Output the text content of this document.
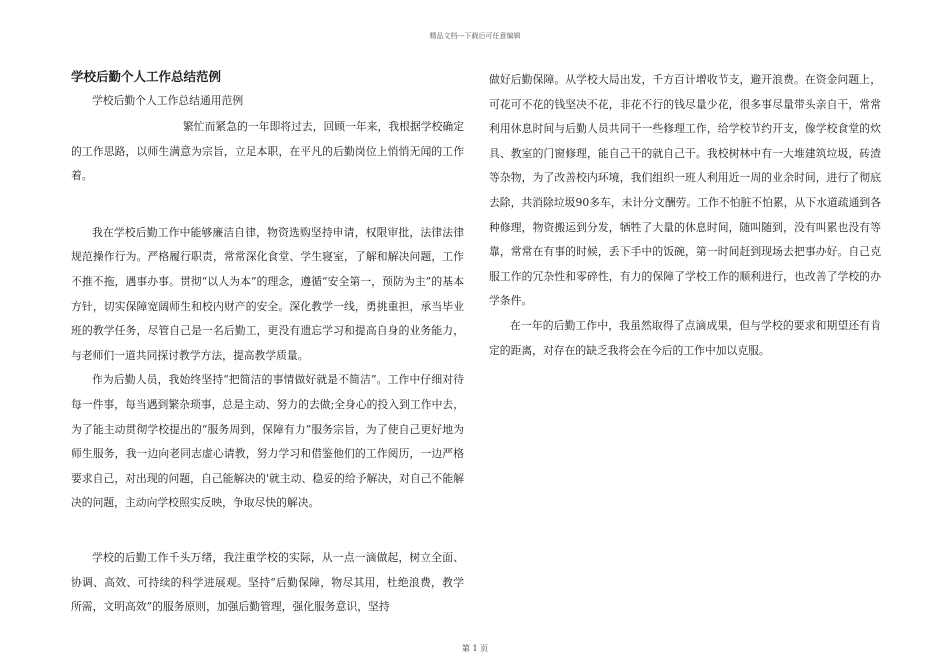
精品文档---下载后可任意编辑
学校后勤个人工作总结范例

学校后勤个人工作总结通用范例

繁忙而紧急的一年即将过去，回顾一年来，我根据学校确定的工作思路，以师生满意为宗旨，立足本职，在平凡的后勤岗位上悄悄无闻的工作着。

我在学校后勤工作中能够廉洁自律，物资选购坚持申请，权限审批，法律法律规范操作行为。严格履行职责，常常深化食堂、学生寝室，了解和解决问题，工作不推不拖，遇事办事。贯彻“以人为本”的理念，遵循“安全第一，预防为主”的基本方针，切实保障宽阔师生和校内财产的安全。深化教学一线，勇挑重担，承当毕业班的教学任务，尽管自己是一名后勤工，更没有遗忘学习和提高自身的业务能力，与老师们一道共同探讨教学方法，提高教学质量。

作为后勤人员，我始终坚持“把简洁的事情做好就是不简洁”。工作中仔细对待每一件事，每当遇到繁杂琐事，总是主动、努力的去做;全身心的投入到工作中去，为了能主动贯彻学校提出的“服务周到，保障有力”服务宗旨，为了使自己更好地为师生服务，我一边向老同志虚心请教，努力学习和借鉴他们的工作阅历，一边严格要求自己，对出现的问题，自己能解决的'就主动、稳妥的给予解决，对自己不能解决的问题，主动向学校照实反映，争取尽快的解决。

学校的后勤工作千头万绪，我注重学校的实际，从一点一滴做起，树立全面、协调、高效、可持续的科学进展观。坚持“后勤保障，物尽其用，杜绝浪费，教学所需，文明高效”的服务原则，加强后勤管理，强化服务意识，坚持

做好后勤保障。从学校大局出发，千方百计增收节支，避开浪费。在资金问题上，可花可不花的钱坚决不花，非花不行的钱尽量少花，很多事尽量带头亲自干，常常利用休息时间与后勤人员共同干一些修理工作，给学校节约开支，像学校食堂的炊具、教室的门窗修理，能自己干的就自己干。我校树林中有一大堆建筑垃圾，砖渣等杂物，为了改善校内环境，我们组织一班人利用近一周的业余时间，进行了彻底去除，共消除垃圾90多车，未计分文酬劳。工作不怕脏不怕累，从下水道疏通到各种修理，物资搬运到分发，牺牲了大量的休息时间，随叫随到，没有叫累也没有等靠，常常在有事的时候，丢下手中的饭碗，第一时间赶到现场去把事办好。自己克服工作的冗杂性和零碎性，有力的保障了学校工作的顺利进行，也改善了学校的办学条件。

在一年的后勤工作中，我虽然取得了点滴成果，但与学校的要求和期望还有肯定的距离，对存在的缺乏我将会在今后的工作中加以克服。

第 1 页
